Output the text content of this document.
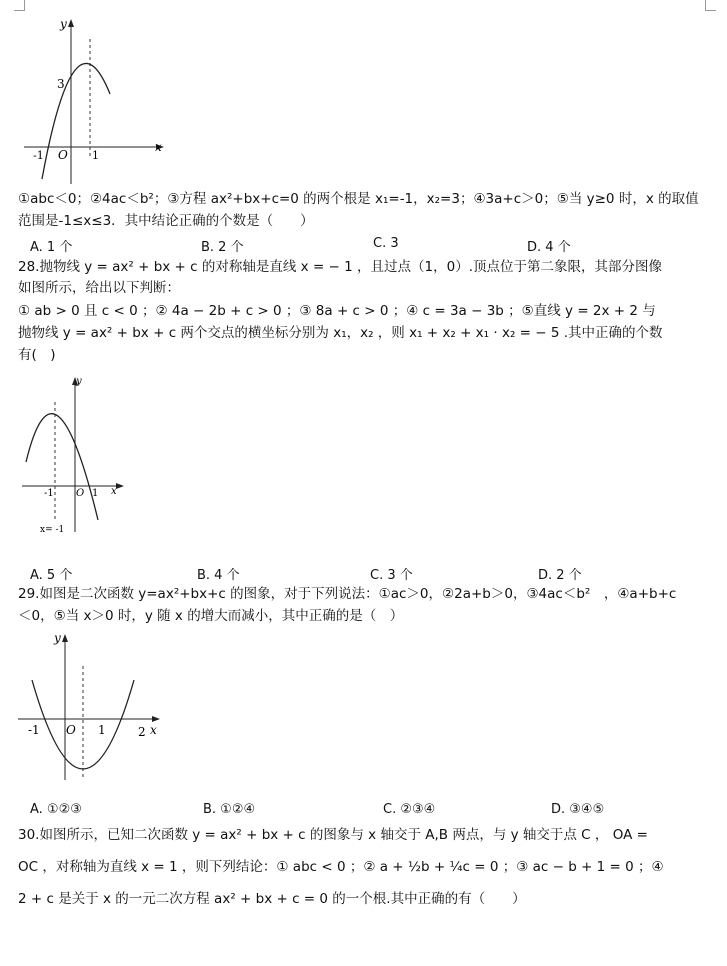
y
x
3
-1 O 1
①abc＜0；②4ac＜b²；③方程 ax²+bx+c=0 的两个根是 x₁=-1，x₂=3；④3a+c＞0；⑤当 y≥0 时，x 的取值
范围是-1≤x≤3．其中结论正确的个数是（　　）
A. 1 个	B. 2 个	C. 3	D. 4 个
28.抛物线 y = ax² + bx + c 的对称轴是直线 x = − 1 ，且过点（1，0）.顶点位于第二象限，其部分图像
如图所示，给出以下判断：
① ab > 0 且 c < 0 ；② 4a − 2b + c > 0 ；③ 8a + c > 0 ；④ c = 3a − 3b ；⑤直线 y = 2x + 2 与
抛物线 y = ax² + bx + c 两个交点的横坐标分别为 x₁，x₂ ，则 x₁ + x₂ + x₁ · x₂ = − 5 .其中正确的个数
有(　)
y
x
-1 O 1
x= -1
A. 5 个	B. 4 个	C. 3 个	D. 2 个
29.如图是二次函数 y=ax²+bx+c 的图象，对于下列说法：①ac＞0，②2a+b＞0，③4ac＜b²　，④a+b+c
＜0，⑤当 x＞0 时，y 随 x 的增大而减小，其中正确的是（　）
y
x
-1 O 1	2
A. ①②③	B. ①②④	C. ②③④	D. ③④⑤
30.如图所示，已知二次函数 y = ax² + bx + c 的图象与 x 轴交于 A,B 两点，与 y 轴交于点 C ， OA =
OC ，对称轴为直线 x = 1 ，则下列结论：① abc < 0 ；② a + ½b + ¼c = 0 ；③ ac − b + 1 = 0 ；④
2 + c 是关于 x 的一元二次方程 ax² + bx + c = 0 的一个根.其中正确的有（　　）
